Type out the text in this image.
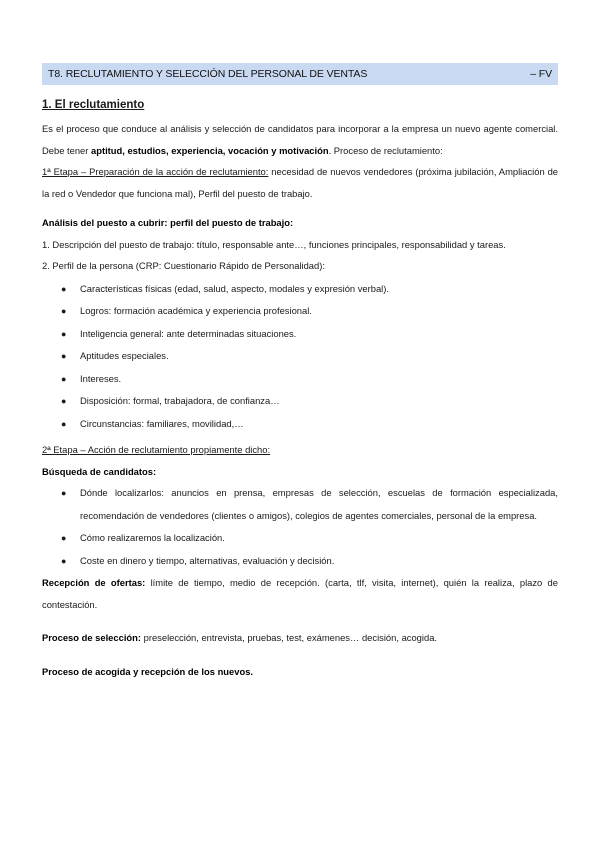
T8. RECLUTAMIENTO Y SELECCIÓN DEL PERSONAL DE VENTAS	– FV

1. El reclutamiento

Es el proceso que conduce al análisis y selección de candidatos para incorporar a la empresa un nuevo agente comercial. Debe tener aptitud, estudios, experiencia, vocación y motivación. Proceso de reclutamiento:

1ª Etapa – Preparación de la acción de reclutamiento: necesidad de nuevos vendedores (próxima jubilación, Ampliación de la red o Vendedor que funciona mal), Perfil del puesto de trabajo.

Análisis del puesto a cubrir: perfil del puesto de trabajo:

1. Descripción del puesto de trabajo: título, responsable ante…, funciones principales, responsabilidad y tareas.

2. Perfil de la persona (CRP: Cuestionario Rápido de Personalidad):

● Características físicas (edad, salud, aspecto, modales y expresión verbal).
● Logros: formación académica y experiencia profesional.
● Inteligencia general: ante determinadas situaciones.
● Aptitudes especiales.
● Intereses.
● Disposición: formal, trabajadora, de confianza…
● Circunstancias: familiares, movilidad,…

2ª Etapa – Acción de reclutamiento propiamente dicho:

Búsqueda de candidatos:

● Dónde localizarlos: anuncios en prensa, empresas de selección, escuelas de formación especializada, recomendación de vendedores (clientes o amigos), colegios de agentes comerciales, personal de la empresa.
● Cómo realizaremos la localización.
● Coste en dinero y tiempo, alternativas, evaluación y decisión.

Recepción de ofertas: límite de tiempo, medio de recepción. (carta, tlf, visita, internet), quién la realiza, plazo de contestación.

Proceso de selección: preselección, entrevista, pruebas, test, exámenes… decisión, acogida.

Proceso de acogida y recepción de los nuevos.
